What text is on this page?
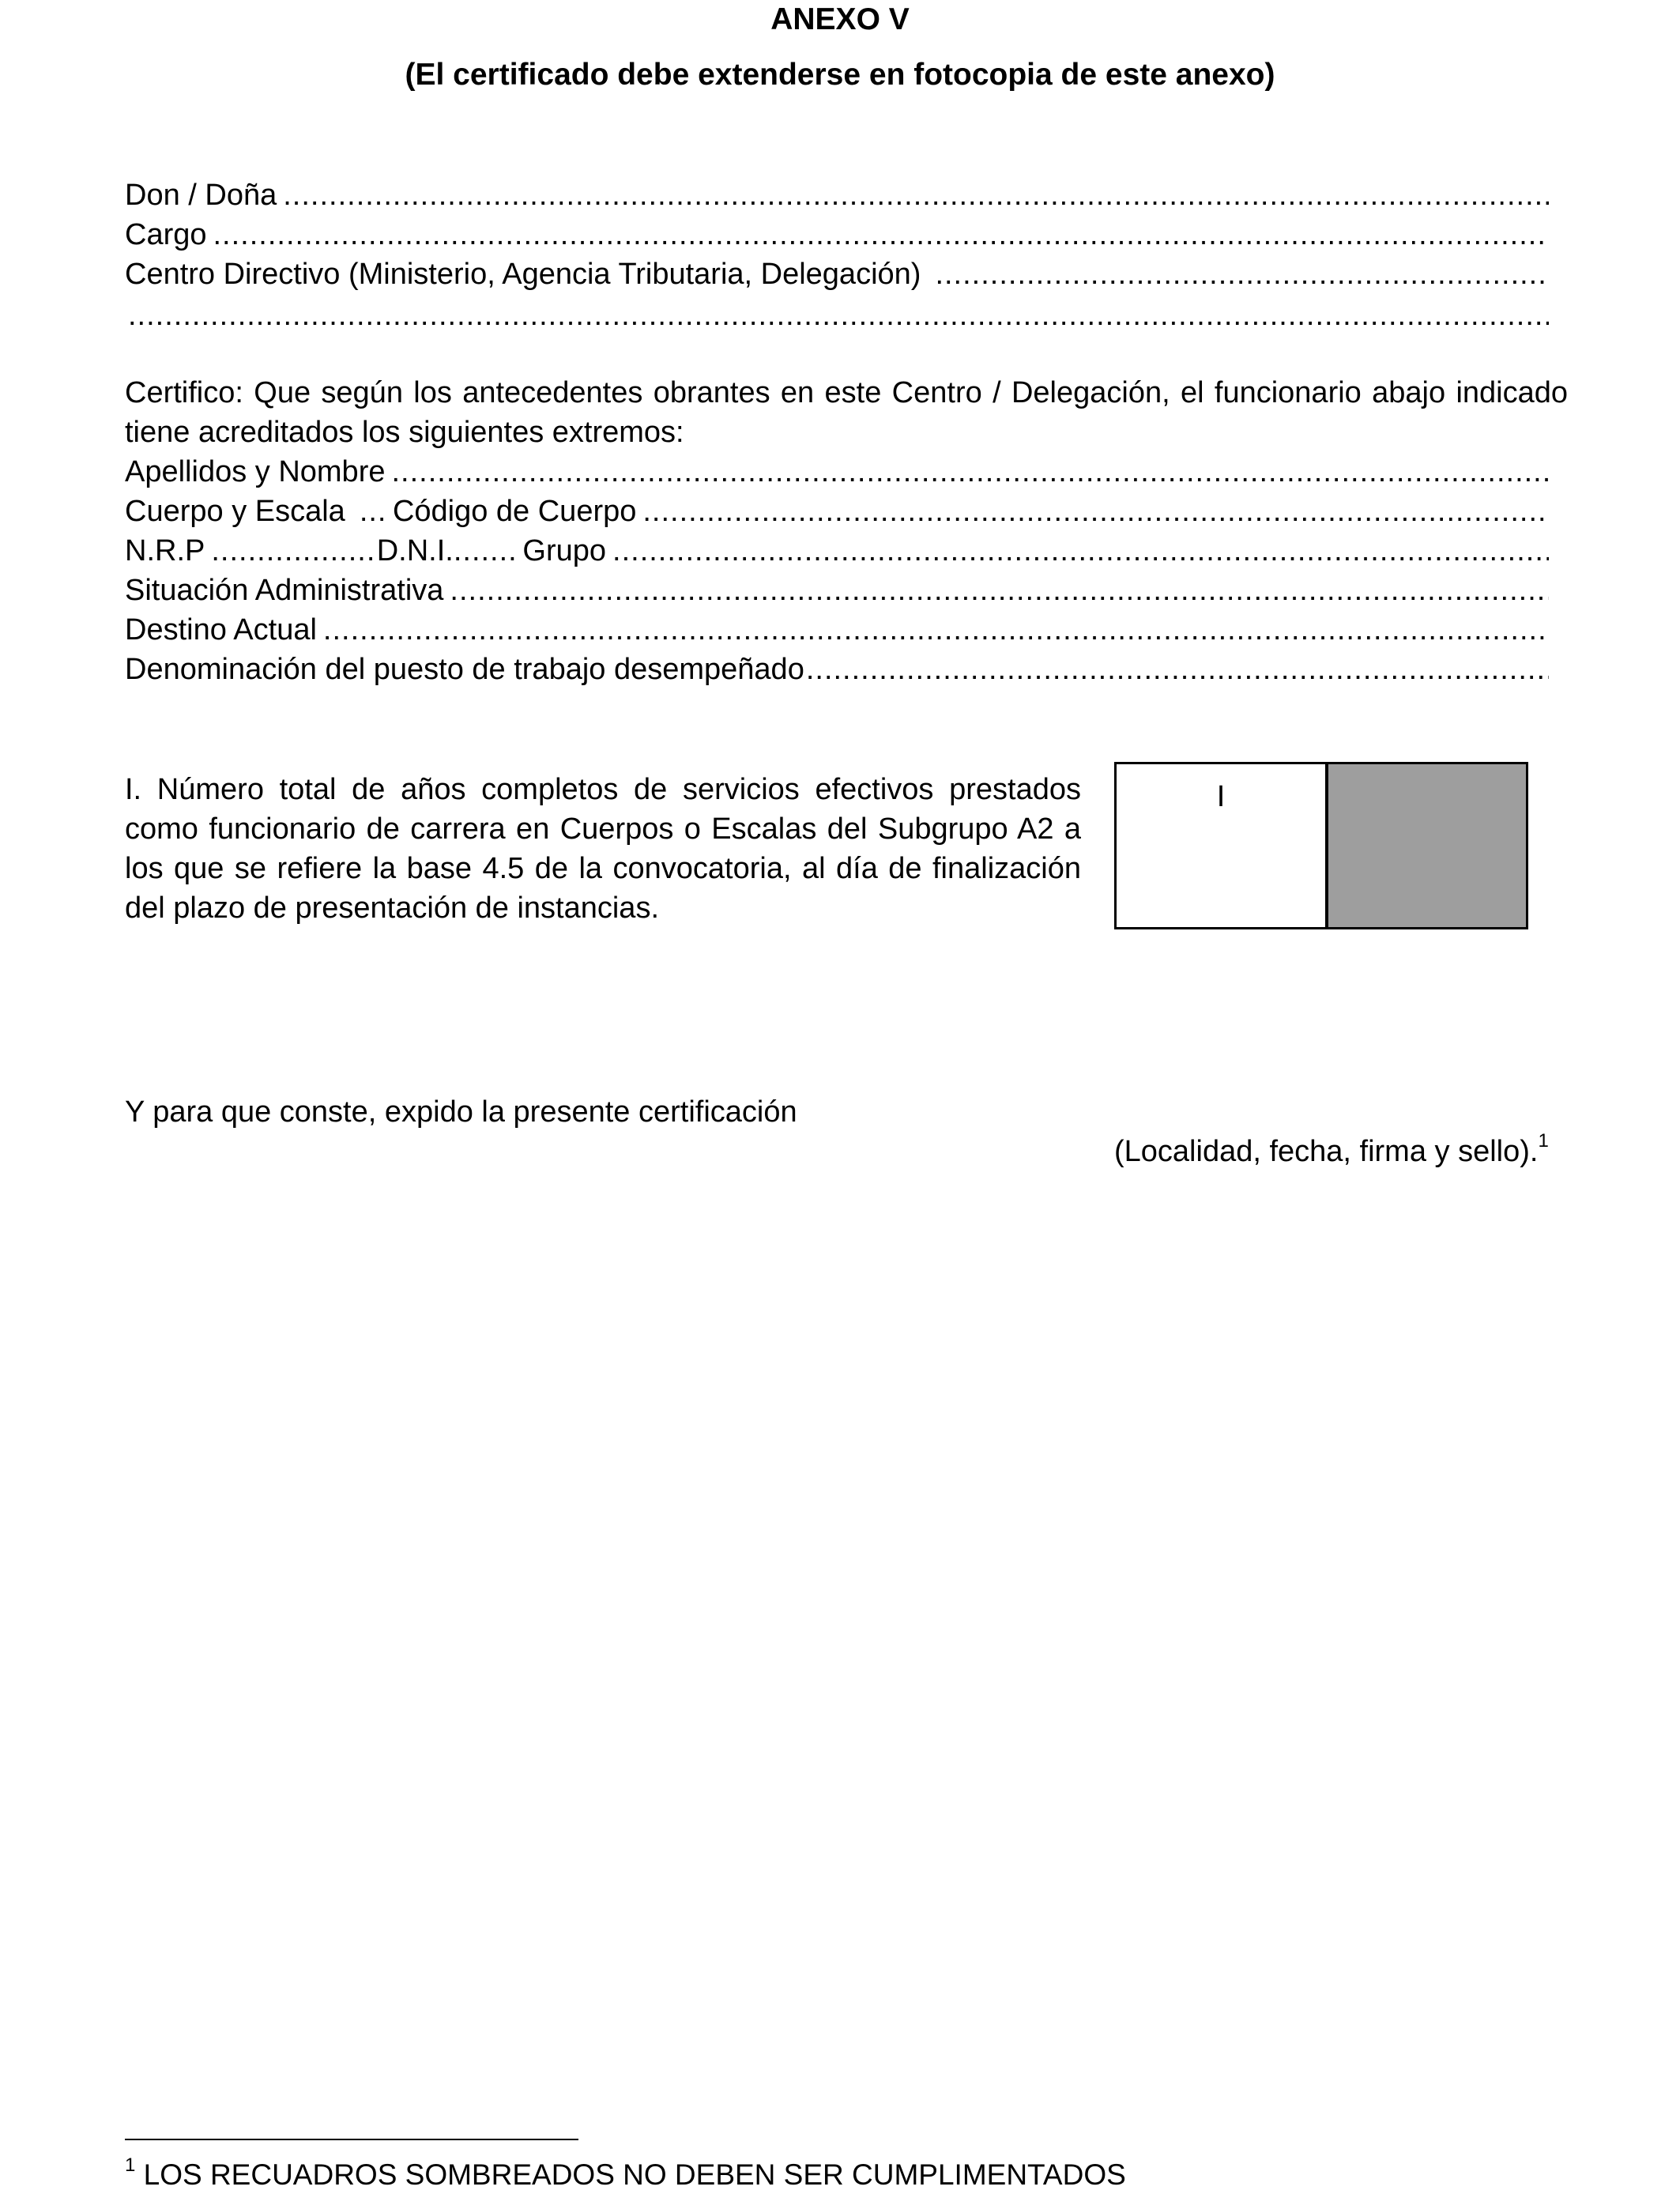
ANEXO V
(El certificado debe extenderse en fotocopia de este anexo)
Don / Doña
.....
Cargo
.....
Centro Directivo (Ministerio, Agencia Tributaria, Delegación)
.....
.....
Certifico: Que según los antecedentes obrantes en este Centro / Delegación, el funcionario abajo indicado tiene acreditados los siguientes extremos:
Apellidos y Nombre
.....
Cuerpo y Escala ..... Código de Cuerpo
.....
N.R.P .....	D.N.I. ..... Grupo
.....
Situación Administrativa
.....
Destino Actual
.....
Denominación del puesto de trabajo desempeñado
.....
I. Número total de años completos de servicios efectivos prestados como funcionario de carrera en Cuerpos o Escalas del Subgrupo A2 a los que se refiere la base 4.5 de la convocatoria, al día de finalización del plazo de presentación de instancias.
I
Y para que conste, expido la presente certificación
(Localidad, fecha, firma y sello).$^1$
$^1$ LOS RECUADROS SOMBREADOS NO DEBEN SER CUMPLIMENTADOS
